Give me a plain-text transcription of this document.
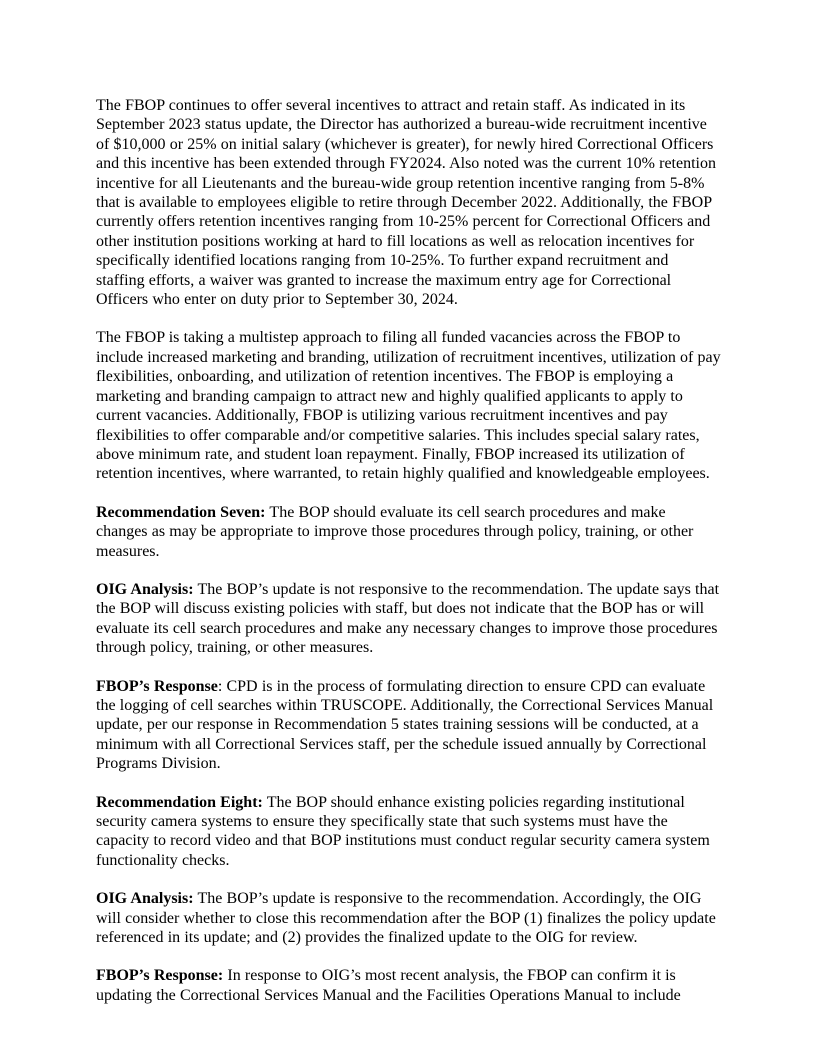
The FBOP continues to offer several incentives to attract and retain staff. As indicated in its September 2023 status update, the Director has authorized a bureau-wide recruitment incentive of $10,000 or 25% on initial salary (whichever is greater), for newly hired Correctional Officers and this incentive has been extended through FY2024. Also noted was the current 10% retention incentive for all Lieutenants and the bureau-wide group retention incentive ranging from 5-8% that is available to employees eligible to retire through December 2022. Additionally, the FBOP currently offers retention incentives ranging from 10-25% percent for Correctional Officers and other institution positions working at hard to fill locations as well as relocation incentives for specifically identified locations ranging from 10-25%. To further expand recruitment and staffing efforts, a waiver was granted to increase the maximum entry age for Correctional Officers who enter on duty prior to September 30, 2024.

The FBOP is taking a multistep approach to filing all funded vacancies across the FBOP to include increased marketing and branding, utilization of recruitment incentives, utilization of pay flexibilities, onboarding, and utilization of retention incentives. The FBOP is employing a marketing and branding campaign to attract new and highly qualified applicants to apply to current vacancies. Additionally, FBOP is utilizing various recruitment incentives and pay flexibilities to offer comparable and/or competitive salaries. This includes special salary rates, above minimum rate, and student loan repayment. Finally, FBOP increased its utilization of retention incentives, where warranted, to retain highly qualified and knowledgeable employees.

Recommendation Seven: The BOP should evaluate its cell search procedures and make changes as may be appropriate to improve those procedures through policy, training, or other measures.

OIG Analysis: The BOP’s update is not responsive to the recommendation. The update says that the BOP will discuss existing policies with staff, but does not indicate that the BOP has or will evaluate its cell search procedures and make any necessary changes to improve those procedures through policy, training, or other measures.

FBOP’s Response: CPD is in the process of formulating direction to ensure CPD can evaluate the logging of cell searches within TRUSCOPE. Additionally, the Correctional Services Manual update, per our response in Recommendation 5 states training sessions will be conducted, at a minimum with all Correctional Services staff, per the schedule issued annually by Correctional Programs Division.

Recommendation Eight: The BOP should enhance existing policies regarding institutional security camera systems to ensure they specifically state that such systems must have the capacity to record video and that BOP institutions must conduct regular security camera system functionality checks.

OIG Analysis: The BOP’s update is responsive to the recommendation. Accordingly, the OIG will consider whether to close this recommendation after the BOP (1) finalizes the policy update referenced in its update; and (2) provides the finalized update to the OIG for review.

FBOP’s Response: In response to OIG’s most recent analysis, the FBOP can confirm it is updating the Correctional Services Manual and the Facilities Operations Manual to include
